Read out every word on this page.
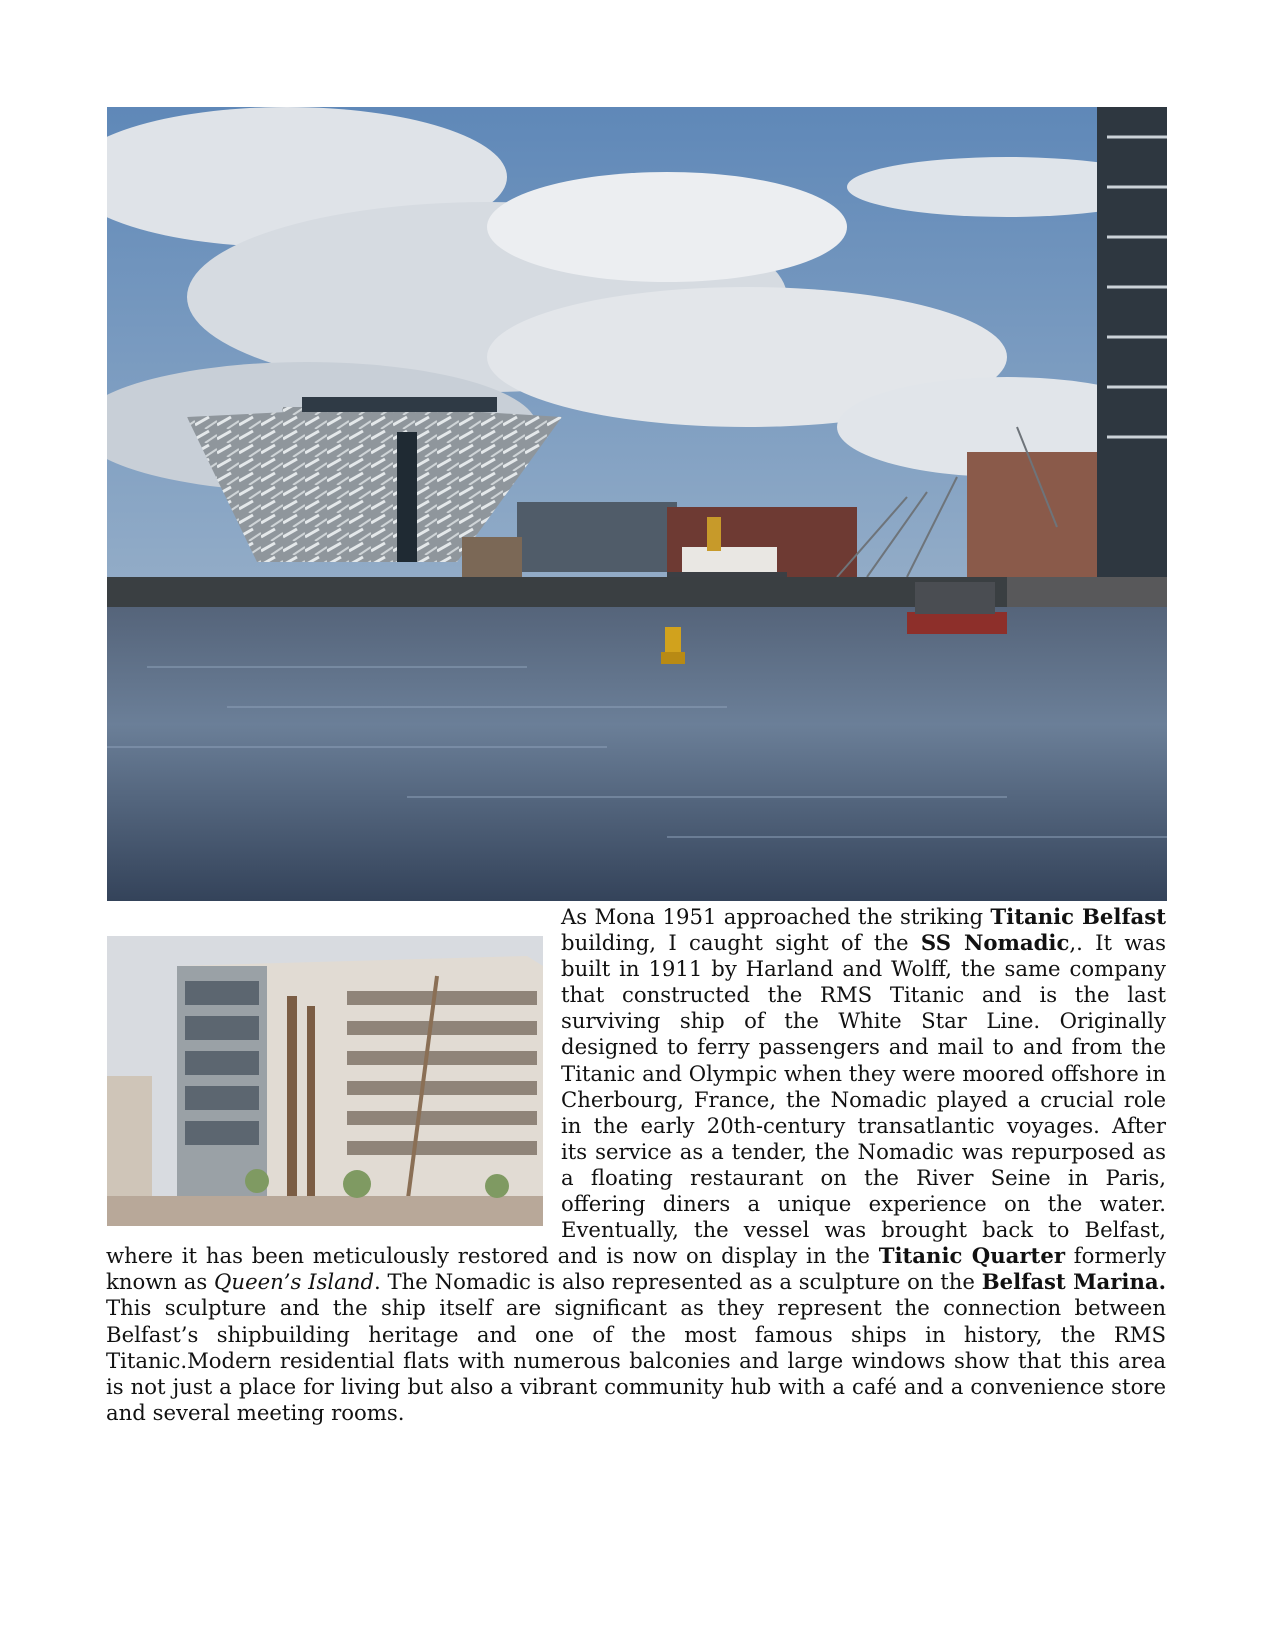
As Mona 1951 approached the striking Titanic Belfast building, I caught sight of the SS Nomadic,. It was built in 1911 by Harland and Wolff, the same company that constructed the RMS Titanic and is the last surviving ship of the White Star Line. Originally designed to ferry passengers and mail to and from the Titanic and Olympic when they were moored offshore in Cherbourg, France, the Nomadic played a crucial role in the early 20th-century transatlantic voyages. After its service as a tender, the Nomadic was repurposed as a floating restaurant on the River Seine in Paris, offering diners a unique experience on the water. Eventually, the vessel was brought back to Belfast, where it has been meticulously restored and is now on display in the Titanic Quarter formerly known as Queen’s Island. The Nomadic is also represented as a sculpture on the Belfast Marina. This sculpture and the ship itself are significant as they represent the connection between Belfast’s shipbuilding heritage and one of the most famous ships in history, the RMS Titanic.Modern residential flats with numerous balconies and large windows show that this area is not just a place for living but also a vibrant community hub with a café and a convenience store and several meeting rooms.
